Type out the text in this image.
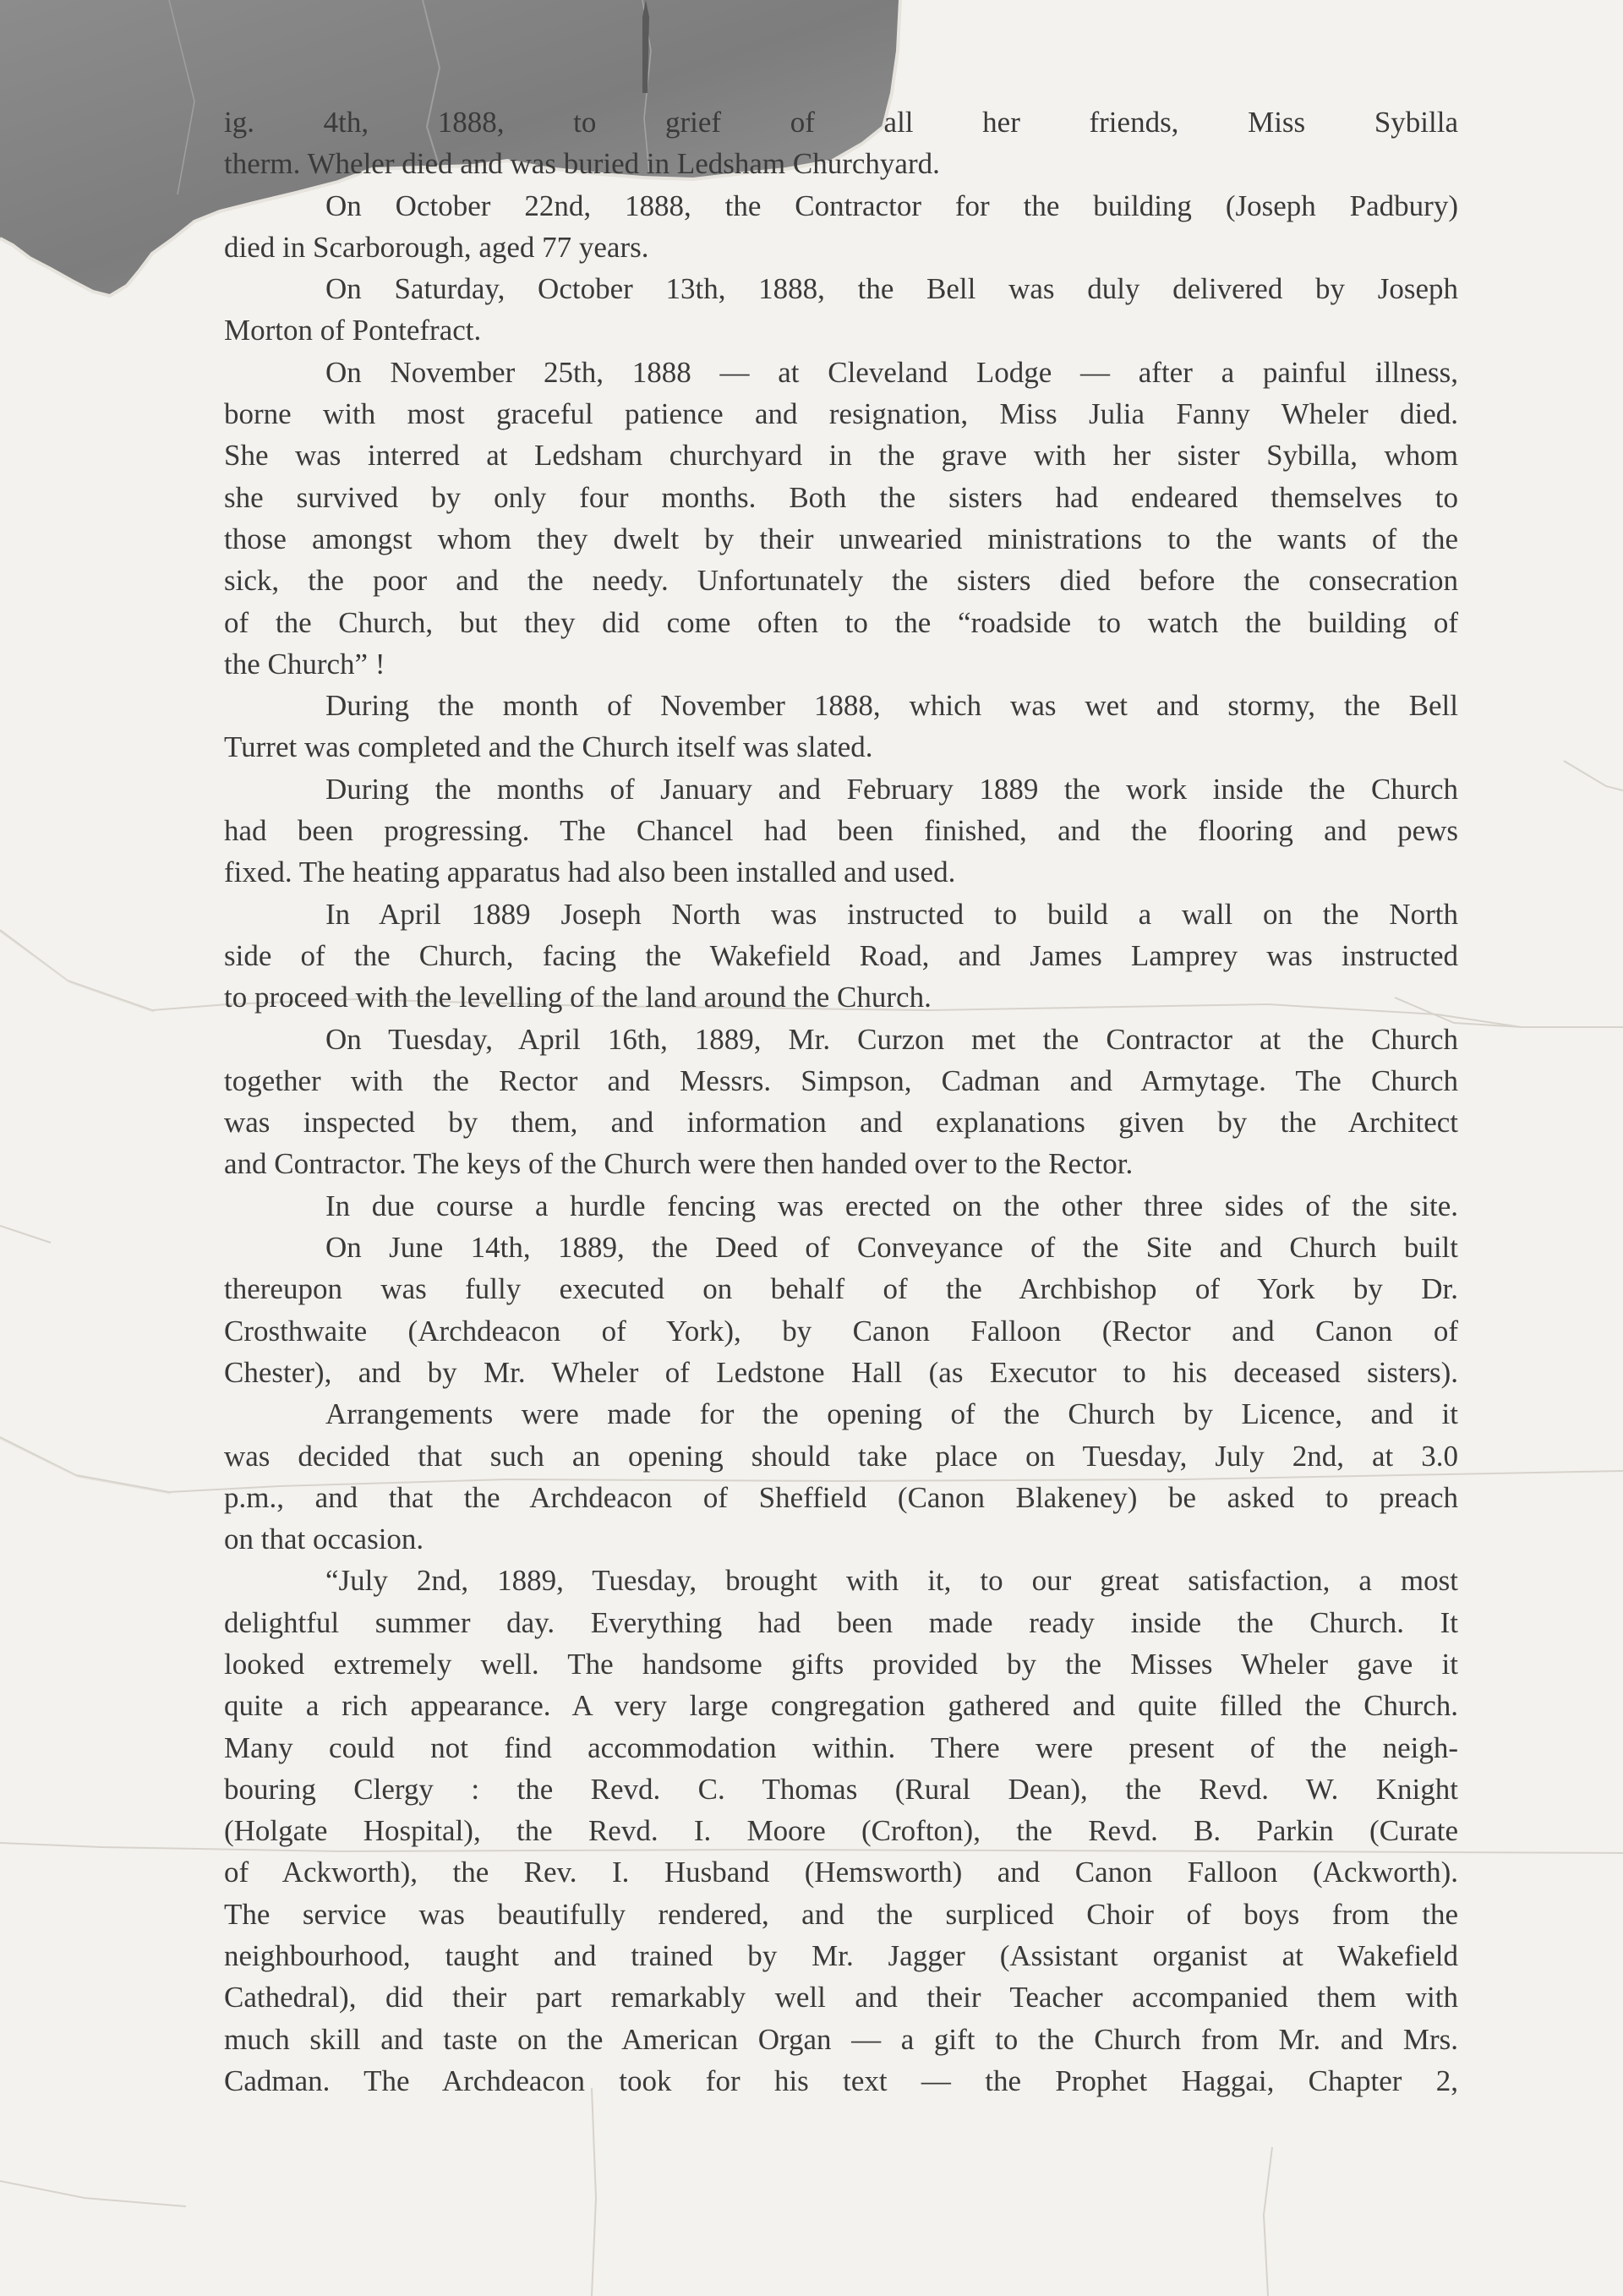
ig. 4th, 1888, to grief of all her friends, Miss Sybilla
therm. Wheler died and was buried in Ledsham Churchyard.
On October 22nd, 1888, the Contractor for the building (Joseph Padbury)
died in Scarborough, aged 77 years.
On Saturday, October 13th, 1888, the Bell was duly delivered by Joseph
Morton of Pontefract.
On November 25th, 1888 — at Cleveland Lodge — after a painful illness,
borne with most graceful patience and resignation, Miss Julia Fanny Wheler died.
She was interred at Ledsham churchyard in the grave with her sister Sybilla, whom
she survived by only four months. Both the sisters had endeared themselves to
those amongst whom they dwelt by their unwearied ministrations to the wants of the
sick, the poor and the needy. Unfortunately the sisters died before the consecration
of the Church, but they did come often to the “roadside to watch the building of
the Church” !
During the month of November 1888, which was wet and stormy, the Bell
Turret was completed and the Church itself was slated.
During the months of January and February 1889 the work inside the Church
had been progressing. The Chancel had been finished, and the flooring and pews
fixed. The heating apparatus had also been installed and used.
In April 1889 Joseph North was instructed to build a wall on the North
side of the Church, facing the Wakefield Road, and James Lamprey was instructed
to proceed with the levelling of the land around the Church.
On Tuesday, April 16th, 1889, Mr. Curzon met the Contractor at the Church
together with the Rector and Messrs. Simpson, Cadman and Armytage. The Church
was inspected by them, and information and explanations given by the Architect
and Contractor. The keys of the Church were then handed over to the Rector.
In due course a hurdle fencing was erected on the other three sides of the site.
On June 14th, 1889, the Deed of Conveyance of the Site and Church built
thereupon was fully executed on behalf of the Archbishop of York by Dr.
Crosthwaite (Archdeacon of York), by Canon Falloon (Rector and Canon of
Chester), and by Mr. Wheler of Ledstone Hall (as Executor to his deceased sisters).
Arrangements were made for the opening of the Church by Licence, and it
was decided that such an opening should take place on Tuesday, July 2nd, at 3.0
p.m., and that the Archdeacon of Sheffield (Canon Blakeney) be asked to preach
on that occasion.
“July 2nd, 1889, Tuesday, brought with it, to our great satisfaction, a most
delightful summer day. Everything had been made ready inside the Church. It
looked extremely well. The handsome gifts provided by the Misses Wheler gave it
quite a rich appearance. A very large congregation gathered and quite filled the Church.
Many could not find accommodation within. There were present of the neigh-
bouring Clergy : the Revd. C. Thomas (Rural Dean), the Revd. W. Knight
(Holgate Hospital), the Revd. I. Moore (Crofton), the Revd. B. Parkin (Curate
of Ackworth), the Rev. I. Husband (Hemsworth) and Canon Falloon (Ackworth).
The service was beautifully rendered, and the surpliced Choir of boys from the
neighbourhood, taught and trained by Mr. Jagger (Assistant organist at Wakefield
Cathedral), did their part remarkably well and their Teacher accompanied them with
much skill and taste on the American Organ — a gift to the Church from Mr. and Mrs.
Cadman. The Archdeacon took for his text — the Prophet Haggai, Chapter 2,
